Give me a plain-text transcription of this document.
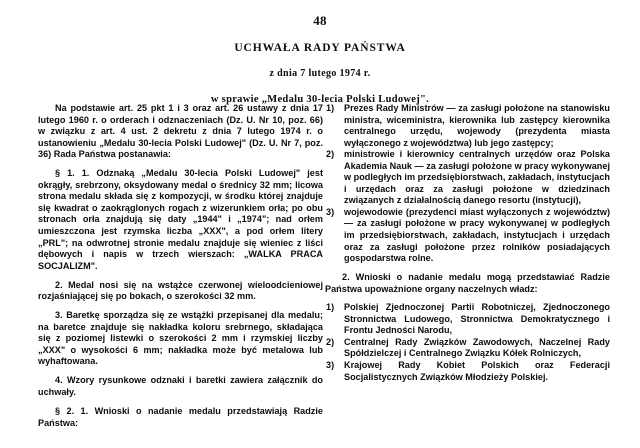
48
UCHWAŁA RADY PAŃSTWA
z dnia 7 lutego 1974 r.
w sprawie „Medalu 30-lecia Polski Ludowej".

Na podstawie art. 25 pkt 1 i 3 oraz art. 26 ustawy z dnia 17 lutego 1960 r. o orderach i odznaczeniach (Dz. U. Nr 10, poz. 66) w związku z art. 4 ust. 2 dekretu z dnia 7 lutego 1974 r. o ustanowieniu „Medalu 30-lecia Polski Ludowej" (Dz. U. Nr 7, poz. 36) Rada Państwa postanawia:

§ 1. 1. Odznaką „Medalu 30-lecia Polski Ludowej" jest okrągły, srebrzony, oksydowany medal o średnicy 32 mm; licowa strona medalu składa się z kompozycji, w środku której znajduje się kwadrat o zaokrąglonych rogach z wizerunkiem orła; po obu stronach orła znajdują się daty „1944" i „1974"; nad orłem umieszczona jest rzymska liczba „XXX", a pod orłem litery „PRL"; na odwrotnej stronie medalu znajduje się wieniec z liści dębowych i napis w trzech wierszach: „WALKA PRACA SOCJALIZM".

2. Medal nosi się na wstążce czerwonej wieloodcieniowej rozjaśniającej się po bokach, o szerokości 32 mm.

3. Baretkę sporządza się ze wstążki przepisanej dla medalu; na baretce znajduje się nakładka koloru srebrnego, składająca się z poziomej listewki o szerokości 2 mm i rzymskiej liczby „XXX" o wysokości 6 mm; nakładka może być metalowa lub wyhaftowana.

4. Wzory rysunkowe odznaki i baretki zawiera załącznik do uchwały.

§ 2. 1. Wnioski o nadanie medalu przedstawiają Radzie Państwa:

1) Prezes Rady Ministrów — za zasługi położone na stanowisku ministra, wiceministra, kierownika lub zastępcy kierownika centralnego urzędu, wojewody (prezydenta miasta wyłączonego z województwa) lub jego zastępcy;
2) ministrowie i kierownicy centralnych urzędów oraz Polska Akademia Nauk — za zasługi położone w pracy wykonywanej w podległych im przedsiębiorstwach, zakładach, instytucjach i urzędach oraz za zasługi położone w dziedzinach związanych z działalnością danego resortu (instytucji),
3) wojewodowie (prezydenci miast wyłączonych z województw) — za zasługi położone w pracy wykonywanej w podległych im przedsiębiorstwach, zakładach, instytucjach i urzędach oraz za zasługi położone przez rolników posiadających gospodarstwa rolne.

2. Wnioski o nadanie medalu mogą przedstawiać Radzie Państwa upoważnione organy naczelnych władz:

1) Polskiej Zjednoczonej Partii Robotniczej, Zjednoczonego Stronnictwa Ludowego, Stronnictwa Demokratycznego i Frontu Jedności Narodu,
2) Centralnej Rady Związków Zawodowych, Naczelnej Rady Spółdzielczej i Centralnego Związku Kółek Rolniczych,
3) Krajowej Rady Kobiet Polskich oraz Federacji Socjalistycznych Związków Młodzieży Polskiej.
